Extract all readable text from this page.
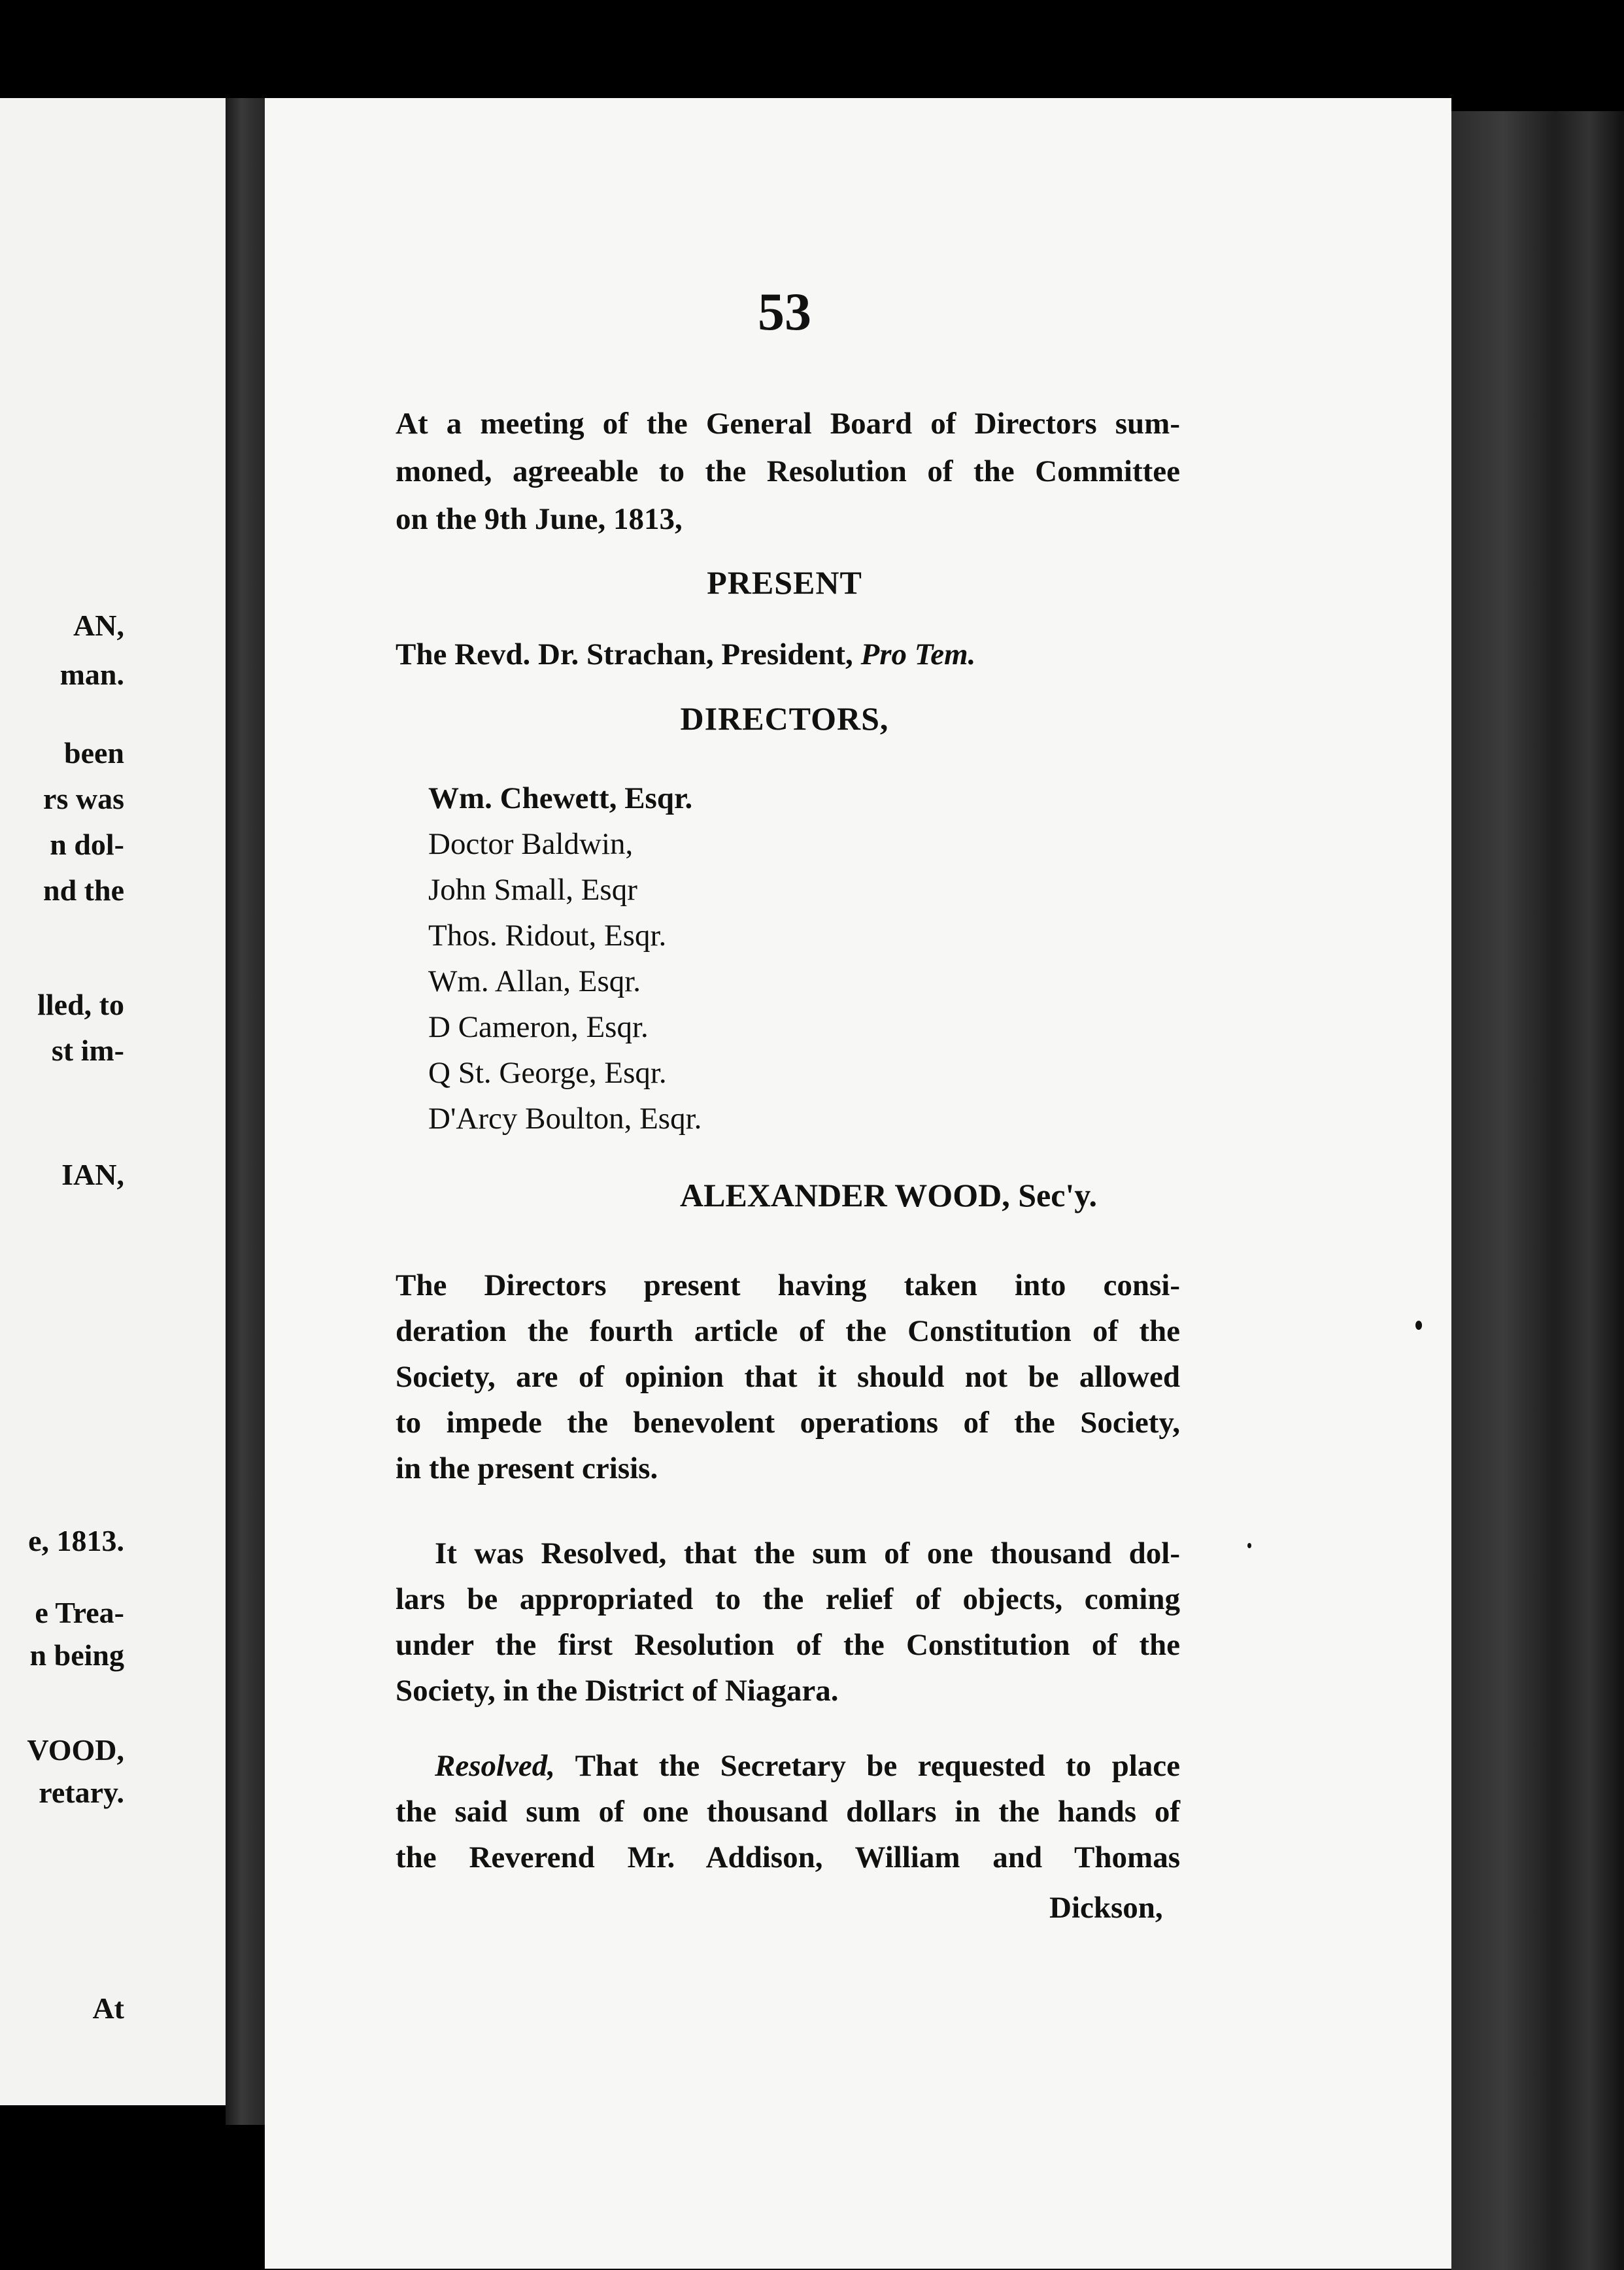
AN,
man.
been
rs was
n dol-
nd the
lled, to
st im-
IAN,
e, 1813.
e Trea-
n being
VOOD,
retary.
At
53
At a meeting of the General Board of Directors sum-
moned, agreeable to the Resolution of the Committee
on the 9th June, 1813,
PRESENT
The Revd. Dr. Strachan, President, Pro Tem.
DIRECTORS,
Wm. Chewett, Esqr.
Doctor Baldwin,
John Small, Esqr
Thos. Ridout, Esqr.
Wm. Allan, Esqr.
D Cameron, Esqr.
Q St. George, Esqr.
D'Arcy Boulton, Esqr.
ALEXANDER WOOD, Sec'y.
The Directors present having taken into consi-
deration the fourth article of the Constitution of the
Society, are of opinion that it should not be allowed
to impede the benevolent operations of the Society,
in the present crisis.
It was Resolved, that the sum of one thousand dol-
lars be appropriated to the relief of objects, coming
under the first Resolution of the Constitution of the
Society, in the District of Niagara.
Resolved, That the Secretary be requested to place
the said sum of one thousand dollars in the hands of
the Reverend Mr. Addison, William and Thomas
Dickson,
